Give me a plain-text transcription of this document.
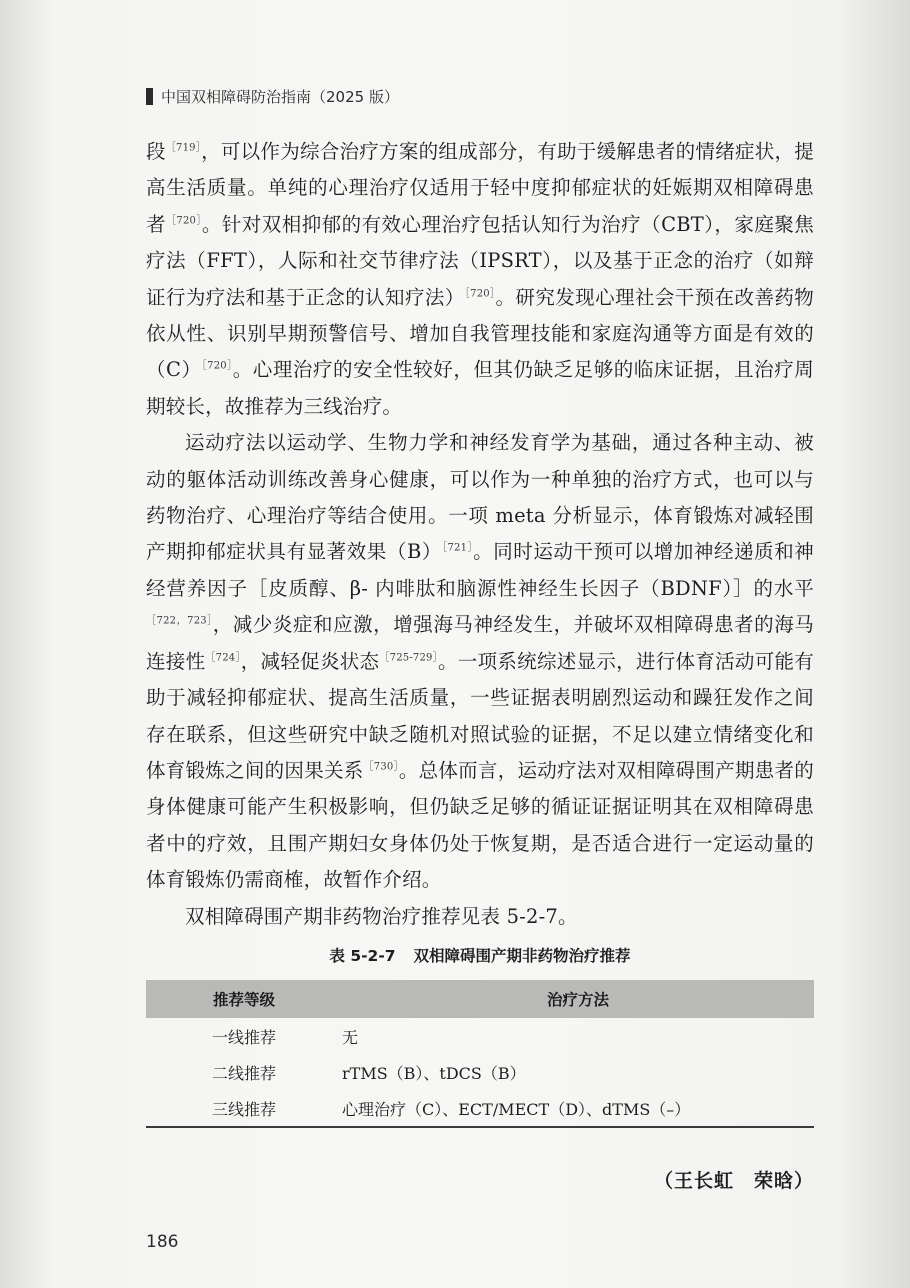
中国双相障碍防治指南（2025 版）

段$^{[719]}$，可以作为综合治疗方案的组成部分，有助于缓解患者的情绪症状，提高生活质量。单纯的心理治疗仅适用于轻中度抑郁症状的妊娠期双相障碍患者$^{[720]}$。针对双相抑郁的有效心理治疗包括认知行为治疗（CBT），家庭聚焦疗法（FFT），人际和社交节律疗法（IPSRT），以及基于正念的治疗（如辩证行为疗法和基于正念的认知疗法）$^{[720]}$。研究发现心理社会干预在改善药物依从性、识别早期预警信号、增加自我管理技能和家庭沟通等方面是有效的（C）$^{[720]}$。心理治疗的安全性较好，但其仍缺乏足够的临床证据，且治疗周期较长，故推荐为三线治疗。

运动疗法以运动学、生物力学和神经发育学为基础，通过各种主动、被动的躯体活动训练改善身心健康，可以作为一种单独的治疗方式，也可以与药物治疗、心理治疗等结合使用。一项 meta 分析显示，体育锻炼对减轻围产期抑郁症状具有显著效果（B）$^{[721]}$。同时运动干预可以增加神经递质和神经营养因子［皮质醇、β- 内啡肽和脑源性神经生长因子（BDNF）］的水平$^{[722,723]}$，减少炎症和应激，增强海马神经发生，并破坏双相障碍患者的海马连接性$^{[724]}$，减轻促炎状态$^{[725-729]}$。一项系统综述显示，进行体育活动可能有助于减轻抑郁症状、提高生活质量，一些证据表明剧烈运动和躁狂发作之间存在联系，但这些研究中缺乏随机对照试验的证据，不足以建立情绪变化和体育锻炼之间的因果关系$^{[730]}$。总体而言，运动疗法对双相障碍围产期患者的身体健康可能产生积极影响，但仍缺乏足够的循证证据证明其在双相障碍患者中的疗效，且围产期妇女身体仍处于恢复期，是否适合进行一定运动量的体育锻炼仍需商榷，故暂作介绍。

双相障碍围产期非药物治疗推荐见表 5-2-7。

表 5-2-7 双相障碍围产期非药物治疗推荐
推荐等级	治疗方法
一线推荐	无
二线推荐	rTMS（B）、tDCS（B）
三线推荐	心理治疗（C）、ECT/MECT（D）、dTMS（–）
（王长虹　荣晗）
186
